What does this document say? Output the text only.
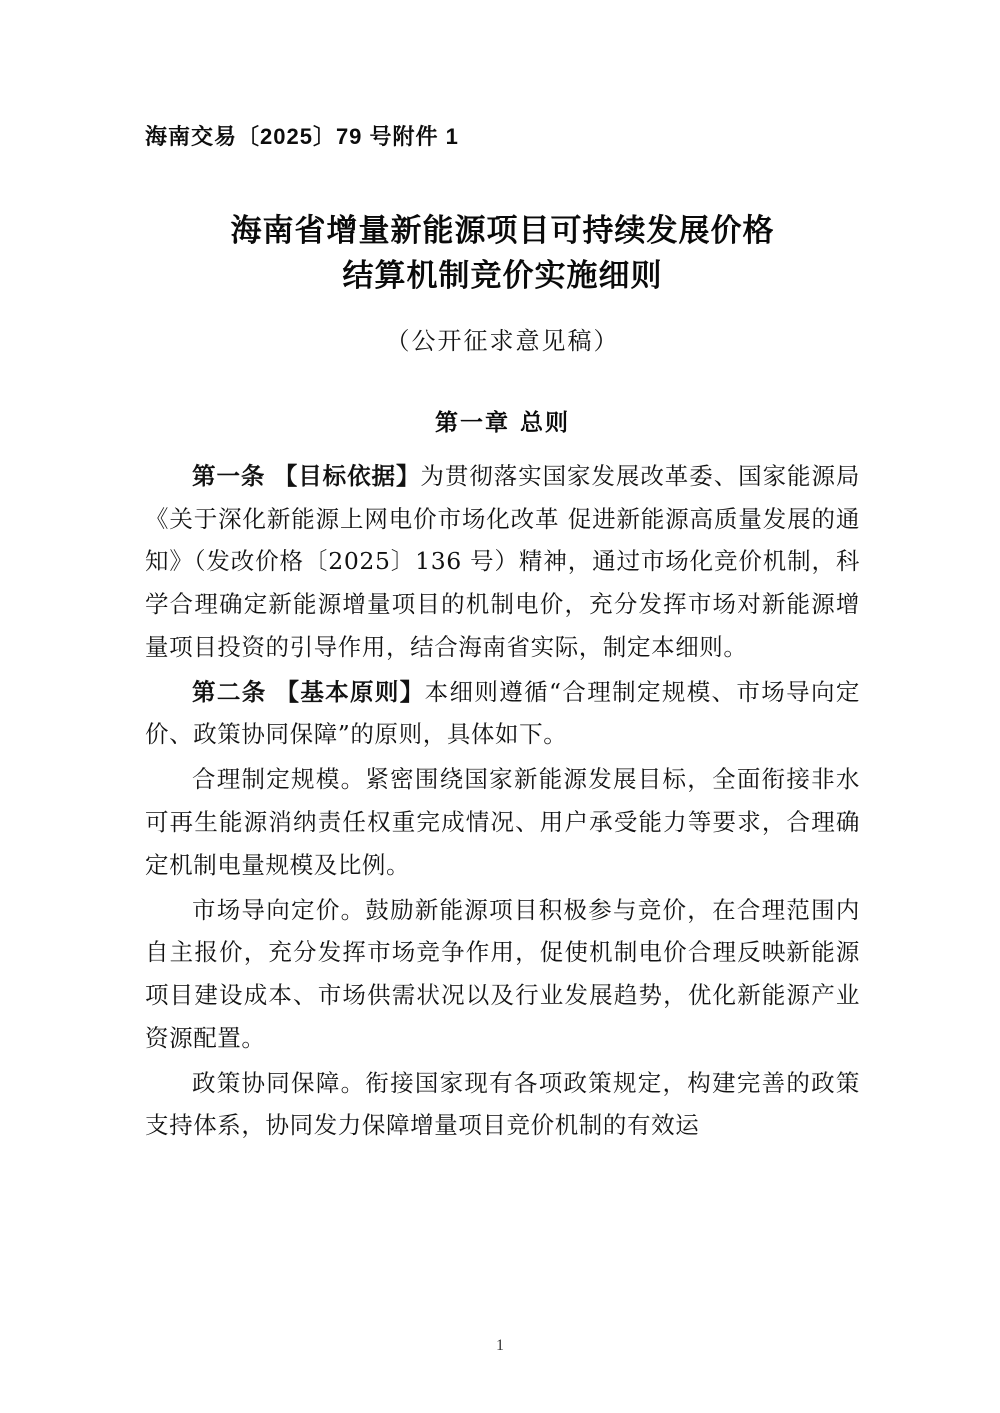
海南交易〔2025〕79 号附件 1
海南省增量新能源项目可持续发展价格
结算机制竞价实施细则
（公开征求意见稿）
第一章 总则

第一条 【目标依据】为贯彻落实国家发展改革委、国家能源局《关于深化新能源上网电价市场化改革 促进新能源高质量发展的通知》（发改价格〔2025〕136 号）精神，通过市场化竞价机制，科学合理确定新能源增量项目的机制电价，充分发挥市场对新能源增量项目投资的引导作用，结合海南省实际，制定本细则。

第二条 【基本原则】本细则遵循“合理制定规模、市场导向定价、政策协同保障”的原则，具体如下。

合理制定规模。紧密围绕国家新能源发展目标，全面衔接非水可再生能源消纳责任权重完成情况、用户承受能力等要求，合理确定机制电量规模及比例。

市场导向定价。鼓励新能源项目积极参与竞价，在合理范围内自主报价，充分发挥市场竞争作用，促使机制电价合理反映新能源项目建设成本、市场供需状况以及行业发展趋势，优化新能源产业资源配置。

政策协同保障。衔接国家现有各项政策规定，构建完善的政策支持体系，协同发力保障增量项目竞价机制的有效运

1
